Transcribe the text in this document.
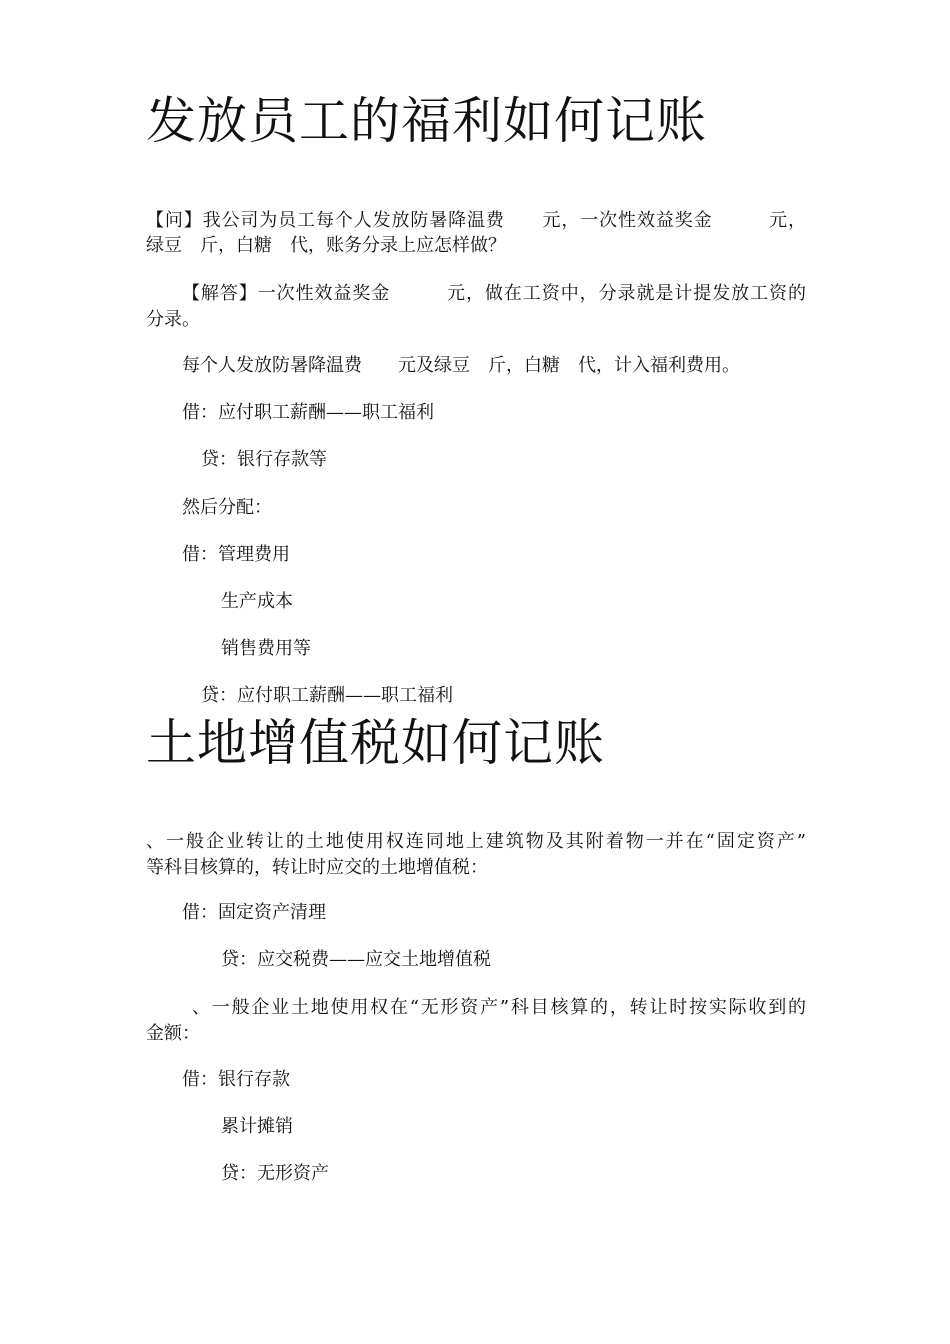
发放员工的福利如何记账
【问】我公司为员工每个人发放防暑降温费　　元，一次性效益奖金　　　元，
绿豆　斤，白糖　代，账务分录上应怎样做？
【解答】一次性效益奖金　　　元，做在工资中，分录就是计提发放工资的
分录。
每个人发放防暑降温费　　元及绿豆　斤，白糖　代，计入福利费用。
借：应付职工薪酬——职工福利
贷：银行存款等
然后分配：
借：管理费用
生产成本
销售费用等
贷：应付职工薪酬——职工福利
土地增值税如何记账
、一般企业转让的土地使用权连同地上建筑物及其附着物一并在“固定资产”
等科目核算的，转让时应交的土地增值税：
借：固定资产清理
贷：应交税费——应交土地增值税
、一般企业土地使用权在“无形资产”科目核算的，转让时按实际收到的
金额：
借：银行存款
累计摊销
贷：无形资产
